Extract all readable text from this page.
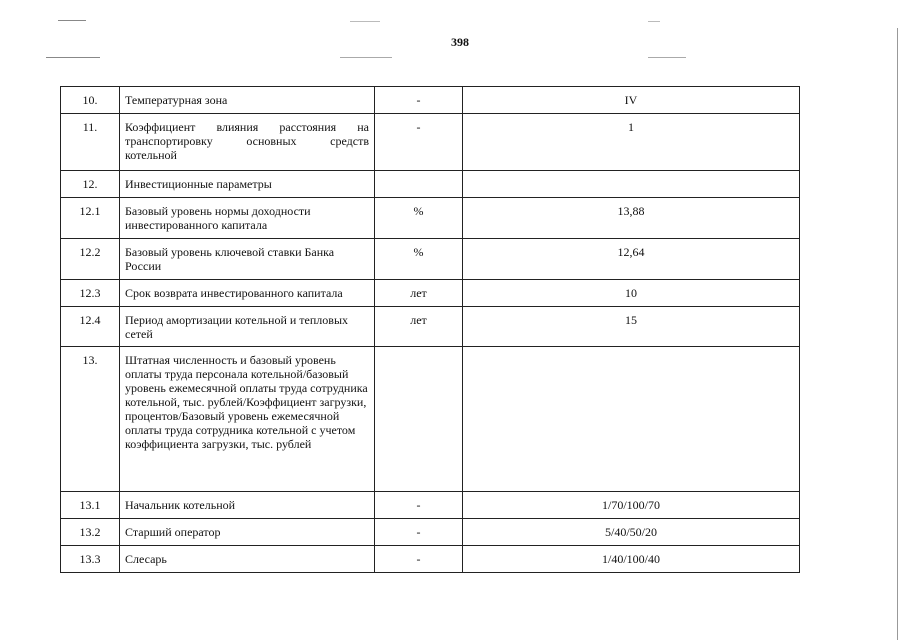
398
10.	Температурная зона	-	IV
11.	Коэффициент влияния расстояния на
транспортировку основных средств
котельной	-	1
12.	Инвестиционные параметры		
12.1	Базовый уровень нормы доходности инвестированного капитала	%	13,88
12.2	Базовый уровень ключевой ставки Банка России	%	12,64
12.3	Срок возврата инвестированного капитала	лет	10
12.4	Период амортизации котельной и тепловых сетей	лет	15
13.	Штатная численность и базовый уровень оплаты труда персонала котельной/базовый уровень ежемесячной оплаты труда сотрудника котельной, тыс. рублей/Коэффициент загрузки, процентов/Базовый уровень ежемесячной оплаты труда сотрудника котельной с учетом коэффициента загрузки, тыс. рублей		
13.1	Начальник котельной	-	1/70/100/70
13.2	Старший оператор	-	5/40/50/20
13.3	Слесарь	-	1/40/100/40
